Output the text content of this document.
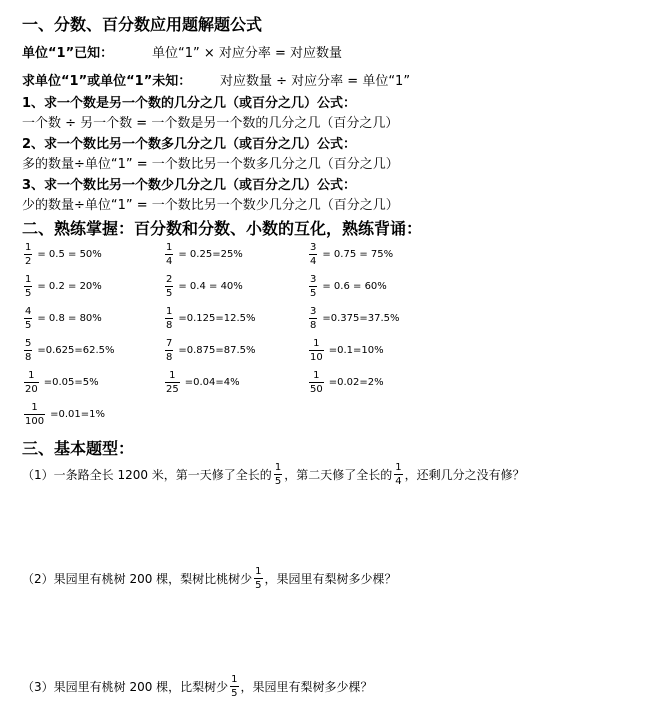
一、分数、百分数应用题解题公式
单位“1”已知：	单位“1” × 对应分率 = 对应数量
求单位“1”或单位“1”未知： 对应数量 ÷ 对应分率 = 单位“1”
1、求一个数是另一个数的几分之几（或百分之几）公式：
一个数 ÷ 另一个数 = 一个数是另一个数的几分之几（百分之几）
2、求一个数比另一个数多几分之几（或百分之几）公式：
多的数量÷单位“1” = 一个数比另一个数多几分之几（百分之几）
3、求一个数比另一个数少几分之几（或百分之几）公式：
少的数量÷单位“1” = 一个数比另一个数少几分之几（百分之几）
二、熟练掌握：百分数和分数、小数的互化，熟练背诵：
$\frac{1}{2} = 0.5 = 50\%$	$\frac{1}{4} = 0.25=25\%$	$\frac{3}{4} = 0.75 = 75\%$
$\frac{1}{5} = 0.2 = 20\%$	$\frac{2}{5} = 0.4 = 40\%$	$\frac{3}{5} = 0.6 = 60\%$
$\frac{4}{5} = 0.8 = 80\%$	$\frac{1}{8} =0.125=12.5\%$	$\frac{3}{8} =0.375=37.5\%$
$\frac{5}{8} =0.625=62.5\%$	$\frac{7}{8} =0.875=87.5\%$	$\frac{1}{10} =0.1=10\%$
$\frac{1}{20} =0.05=5\%$	$\frac{1}{25} =0.04=4\%$	$\frac{1}{50} =0.02=2\%$
$\frac{1}{100} =0.01=1\%$
三、基本题型：
（1）一条路全长 1200 米，第一天修了全长的 $\frac{1}{5}$ ，第二天修了全长的 $\frac{1}{4}$ ，还剩几分之没有修？
（2）果园里有桃树 200 棵，梨树比桃树少 $\frac{1}{5}$ ，果园里有梨树多少棵？
（3）果园里有桃树 200 棵，比梨树少 $\frac{1}{5}$ ，果园里有梨树多少棵？
